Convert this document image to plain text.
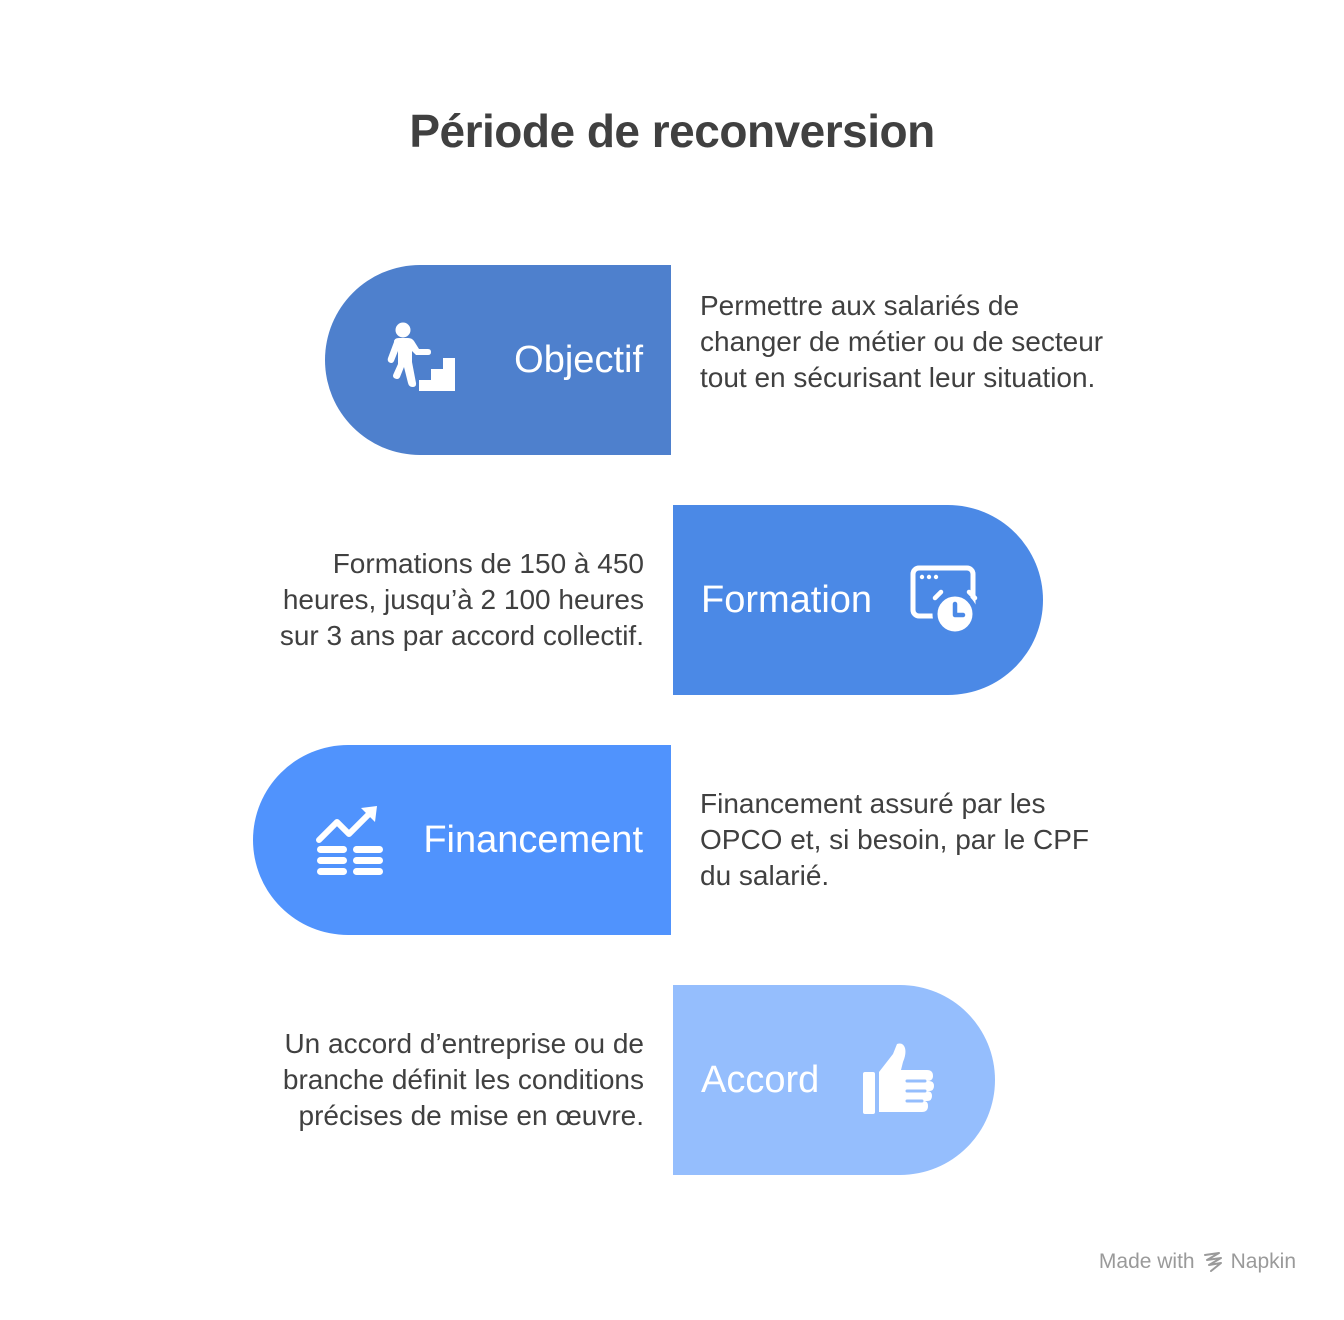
Période de reconversion
Objectif
Permettre aux salariés de changer de métier ou de secteur tout en sécurisant leur situation.
Formation
Formations de 150 à 450 heures, jusqu’à 2 100 heures sur 3 ans par accord collectif.
Financement
Financement assuré par les OPCO et, si besoin, par le CPF du salarié.
Accord
Un accord d’entreprise ou de branche définit les conditions précises de mise en œuvre.
Made with Napkin
